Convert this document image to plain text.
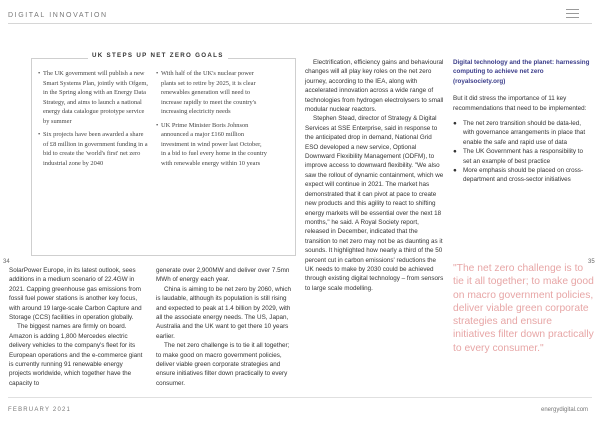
DIGITAL INNOVATION
34	35
• The UK government will publish a new Smart Systems Plan, jointly with Ofgem, in the Spring along with an Energy Data Strategy, and aims to launch a national energy data catalogue prototype service by summer
• Six projects have been awarded a share of £8 million in government funding in a bid to create the 'world's first' net zero industrial zone by 2040
• With half of the UK's nuclear power plants set to retire by 2025, it is clear renewables generation will need to increase rapidly to meet the country's increasing electricity needs
• UK Prime Minister Boris Johnson announced a major £160 million investment in wind power last October, in a bid to fuel every home in the country with renewable energy within 10 years
UK STEPS UP NET ZERO GOALS

SolarPower Europe, in its latest outlook, sees additions in a medium scenario of 22.4GW in 2021. Capping greenhouse gas emissions from fossil fuel power stations is another key focus, with around 19 large-scale Carbon Capture and Storage (CCS) facilities in operation globally.

The biggest names are firmly on board. Amazon is adding 1,800 Mercedes electric delivery vehicles to the company's fleet for its European operations and the e-commerce giant is currently running 91 renewable energy projects worldwide, which together have the capacity to

generate over 2,900MW and deliver over 7.5mn MWh of energy each year.

China is aiming to be net zero by 2060, which is laudable, although its population is still rising and expected to peak at 1.4 billion by 2029, with all the associate energy needs. The US, Japan, Australia and the UK want to get there 10 years earlier.

The net zero challenge is to tie it all together; to make good on macro government policies, deliver viable green corporate strategies and ensure initiatives filter down practically to every consumer.

Electrification, efficiency gains and behavioural changes will all play key roles on the net zero journey, according to the IEA, along with accelerated innovation across a wide range of technologies from hydrogen electrolysers to small modular nuclear reactors.

Stephen Stead, director of Strategy & Digital Services at SSE Enterprise, said in response to the anticipated drop in demand, National Grid ESO developed a new service, Optional Downward Flexibility Management (ODFM), to improve access to downward flexibility. "We also saw the rollout of dynamic containment, which we expect will continue in 2021. The market has demonstrated that it can pivot at pace to create new products and this agility to react to shifting energy markets will be essential over the next 18 months," he said. A Royal Society report, released in December, indicated that the transition to net zero may not be as daunting as it sounds. It highlighted how nearly a third of the 50 percent cut in carbon emissions' reductions the UK needs to make by 2030 could be achieved through existing digital technology – from sensors to large scale modelling.

Digital technology and the planet: harnessing computing to achieve net zero
(royalsociety.org)

But it did stress the importance of 11 key recommendations that need to be implemented:

● The net zero transition should be data-led, with governance arrangements in place that enable the safe and rapid use of data
● The UK Government has a responsibility to set an example of best practice
● More emphasis should be placed on cross-department and cross-sector initiatives
"The net zero challenge is to tie it all together; to make good on macro government policies, deliver viable green corporate strategies and ensure initiatives filter down practically to every consumer."
FEBRUARY 2021	energydigital.com
